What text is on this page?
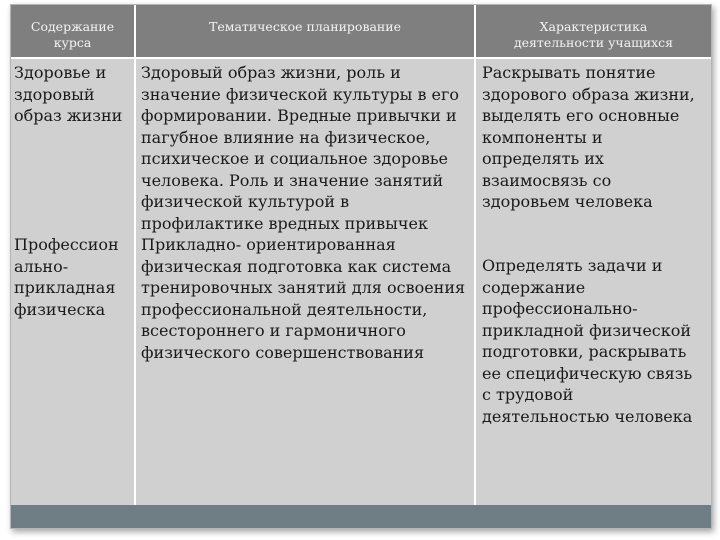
Содержание
курса
Тематическое планирование	Характеристика
деятельности учащихся
Здоровье и
здоровый
образ жизни
Профессион
ально-
прикладная
физическа
Здоровый образ жизни, роль и
значение физической культуры в его
формировании. Вредные привычки и
пагубное влияние на физическое,
психическое и социальное здоровье
человека. Роль и значение занятий
физической культурой в
профилактике вредных привычек
Прикладно- ориентированная
физическая подготовка как система
тренировочных занятий для освоения
профессиональной деятельности,
всестороннего и гармоничного
физического совершенствования
Раскрывать понятие
здорового образа жизни,
выделять его основные
компоненты и
определять их
взаимосвязь со
здоровьем человека
Определять задачи и
содержание
профессионально-
прикладной физической
подготовки, раскрывать
ее специфическую связь
с трудовой
деятельностью человека
